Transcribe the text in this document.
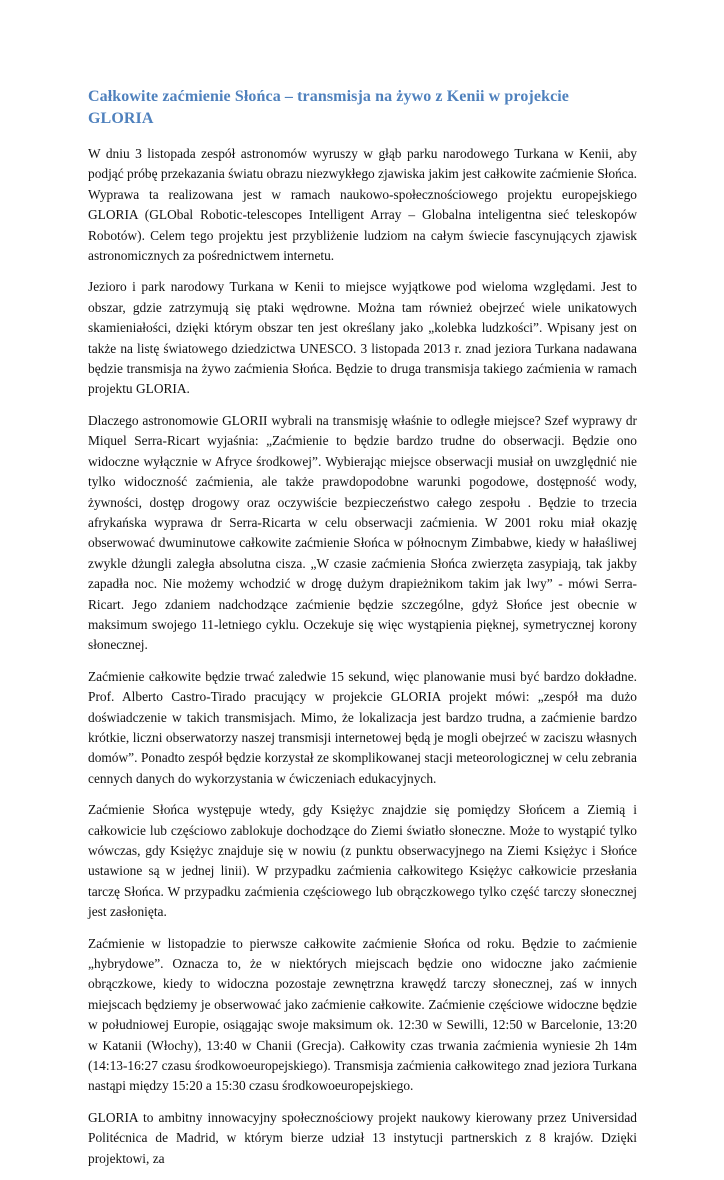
Całkowite zaćmienie Słońca – transmisja na żywo z Kenii w projekcie GLORIA

W dniu 3 listopada zespół astronomów wyruszy w głąb parku narodowego Turkana w Kenii, aby podjąć próbę przekazania światu obrazu niezwykłego zjawiska jakim jest całkowite zaćmienie Słońca. Wyprawa ta realizowana jest w ramach naukowo-społecznościowego projektu europejskiego GLORIA (GLObal Robotic-telescopes Intelligent Array – Globalna inteligentna sieć teleskopów Robotów). Celem tego projektu jest przybliżenie ludziom na całym świecie fascynujących zjawisk astronomicznych za pośrednictwem internetu.

Jezioro i park narodowy Turkana w Kenii to miejsce wyjątkowe pod wieloma względami. Jest to obszar, gdzie zatrzymują się ptaki wędrowne. Można tam również obejrzeć wiele unikatowych skamieniałości, dzięki którym obszar ten jest określany jako „kolebka ludzkości”. Wpisany jest on także na listę światowego dziedzictwa UNESCO. 3 listopada 2013 r. znad jeziora Turkana nadawana będzie transmisja na żywo zaćmienia Słońca. Będzie to druga transmisja takiego zaćmienia w ramach projektu GLORIA.

Dlaczego astronomowie GLORII wybrali na transmisję właśnie to odległe miejsce? Szef wyprawy dr Miquel Serra-Ricart wyjaśnia: „Zaćmienie to będzie bardzo trudne do obserwacji. Będzie ono widoczne wyłącznie w Afryce środkowej”. Wybierając miejsce obserwacji musiał on uwzględnić nie tylko widoczność zaćmienia, ale także prawdopodobne warunki pogodowe, dostępność wody, żywności, dostęp drogowy oraz oczywiście bezpieczeństwo całego zespołu . Będzie to trzecia afrykańska wyprawa dr Serra-Ricarta w celu obserwacji zaćmienia. W 2001 roku miał okazję obserwować dwuminutowe całkowite zaćmienie Słońca w północnym Zimbabwe, kiedy w hałaśliwej zwykle dżungli zaległa absolutna cisza. „W czasie zaćmienia Słońca zwierzęta zasypiają, tak jakby zapadła noc. Nie możemy wchodzić w drogę dużym drapieżnikom takim jak lwy” - mówi Serra-Ricart. Jego zdaniem nadchodzące zaćmienie będzie szczególne, gdyż Słońce jest obecnie w maksimum swojego 11-letniego cyklu. Oczekuje się więc wystąpienia pięknej, symetrycznej korony słonecznej.

Zaćmienie całkowite będzie trwać zaledwie 15 sekund, więc planowanie musi być bardzo dokładne. Prof. Alberto Castro-Tirado pracujący w projekcie GLORIA projekt mówi: „zespół ma dużo doświadczenie w takich transmisjach. Mimo, że lokalizacja jest bardzo trudna, a zaćmienie bardzo krótkie, liczni obserwatorzy naszej transmisji internetowej będą je mogli obejrzeć w zaciszu własnych domów”. Ponadto zespół będzie korzystał ze skomplikowanej stacji meteorologicznej w celu zebrania cennych danych do wykorzystania w ćwiczeniach edukacyjnych.

Zaćmienie Słońca występuje wtedy, gdy Księżyc znajdzie się pomiędzy Słońcem a Ziemią i całkowicie lub częściowo zablokuje dochodzące do Ziemi światło słoneczne. Może to wystąpić tylko wówczas, gdy Księżyc znajduje się w nowiu (z punktu obserwacyjnego na Ziemi Księżyc i Słońce ustawione są w jednej linii). W przypadku zaćmienia całkowitego Księżyc całkowicie przesłania tarczę Słońca. W przypadku zaćmienia częściowego lub obrączkowego tylko część tarczy słonecznej jest zasłonięta.

Zaćmienie w listopadzie to pierwsze całkowite zaćmienie Słońca od roku. Będzie to zaćmienie „hybrydowe”. Oznacza to, że w niektórych miejscach będzie ono widoczne jako zaćmienie obrączkowe, kiedy to widoczna pozostaje zewnętrzna krawędź tarczy słonecznej, zaś w innych miejscach będziemy je obserwować jako zaćmienie całkowite. Zaćmienie częściowe widoczne będzie w południowej Europie, osiągając swoje maksimum ok. 12:30 w Sewilli, 12:50 w Barcelonie, 13:20 w Katanii (Włochy), 13:40 w Chanii (Grecja). Całkowity czas trwania zaćmienia wyniesie 2h 14m (14:13-16:27 czasu środkowoeuropejskiego). Transmisja zaćmienia całkowitego znad jeziora Turkana nastąpi między 15:20 a 15:30 czasu środkowoeuropejskiego.

GLORIA to ambitny innowacyjny społecznościowy projekt naukowy kierowany przez Universidad Politécnica de Madrid, w którym bierze udział 13 instytucji partnerskich z 8 krajów. Dzięki projektowi, za
